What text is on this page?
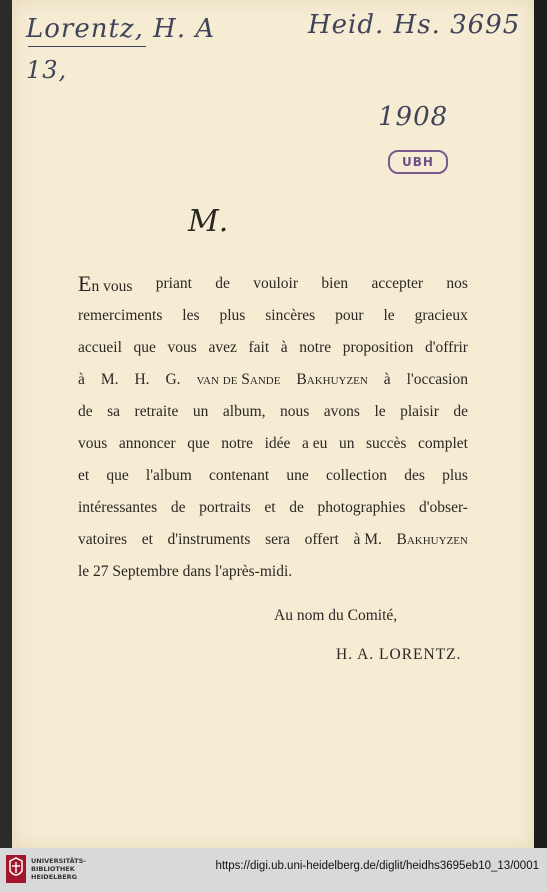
Lorentz, H. A
13,
Heid. Hs. 3695
1908
UBH
M.
En vous priant de vouloir bien accepter nos
remerciments les plus sincères pour le gracieux
accueil que vous avez fait à notre proposition d'offrir
à M. H. G. van de Sande Bakhuyzen à l'occasion
de sa retraite un album, nous avons le plaisir de
vous annoncer que notre idée a eu un succès complet
et que l'album contenant une collection des plus
intéressantes de portraits et de photographies d'obser-
vatoires et d'instruments sera offert à M. Bakhuyzen
le 27 Septembre dans l'après-midi.
Au nom du Comité,
H. A. LORENTZ.
UNIVERSITÄTS-
BIBLIOTHEK
HEIDELBERG
https://digi.ub.uni-heidelberg.de/diglit/heidhs3695eb10_13/0001
